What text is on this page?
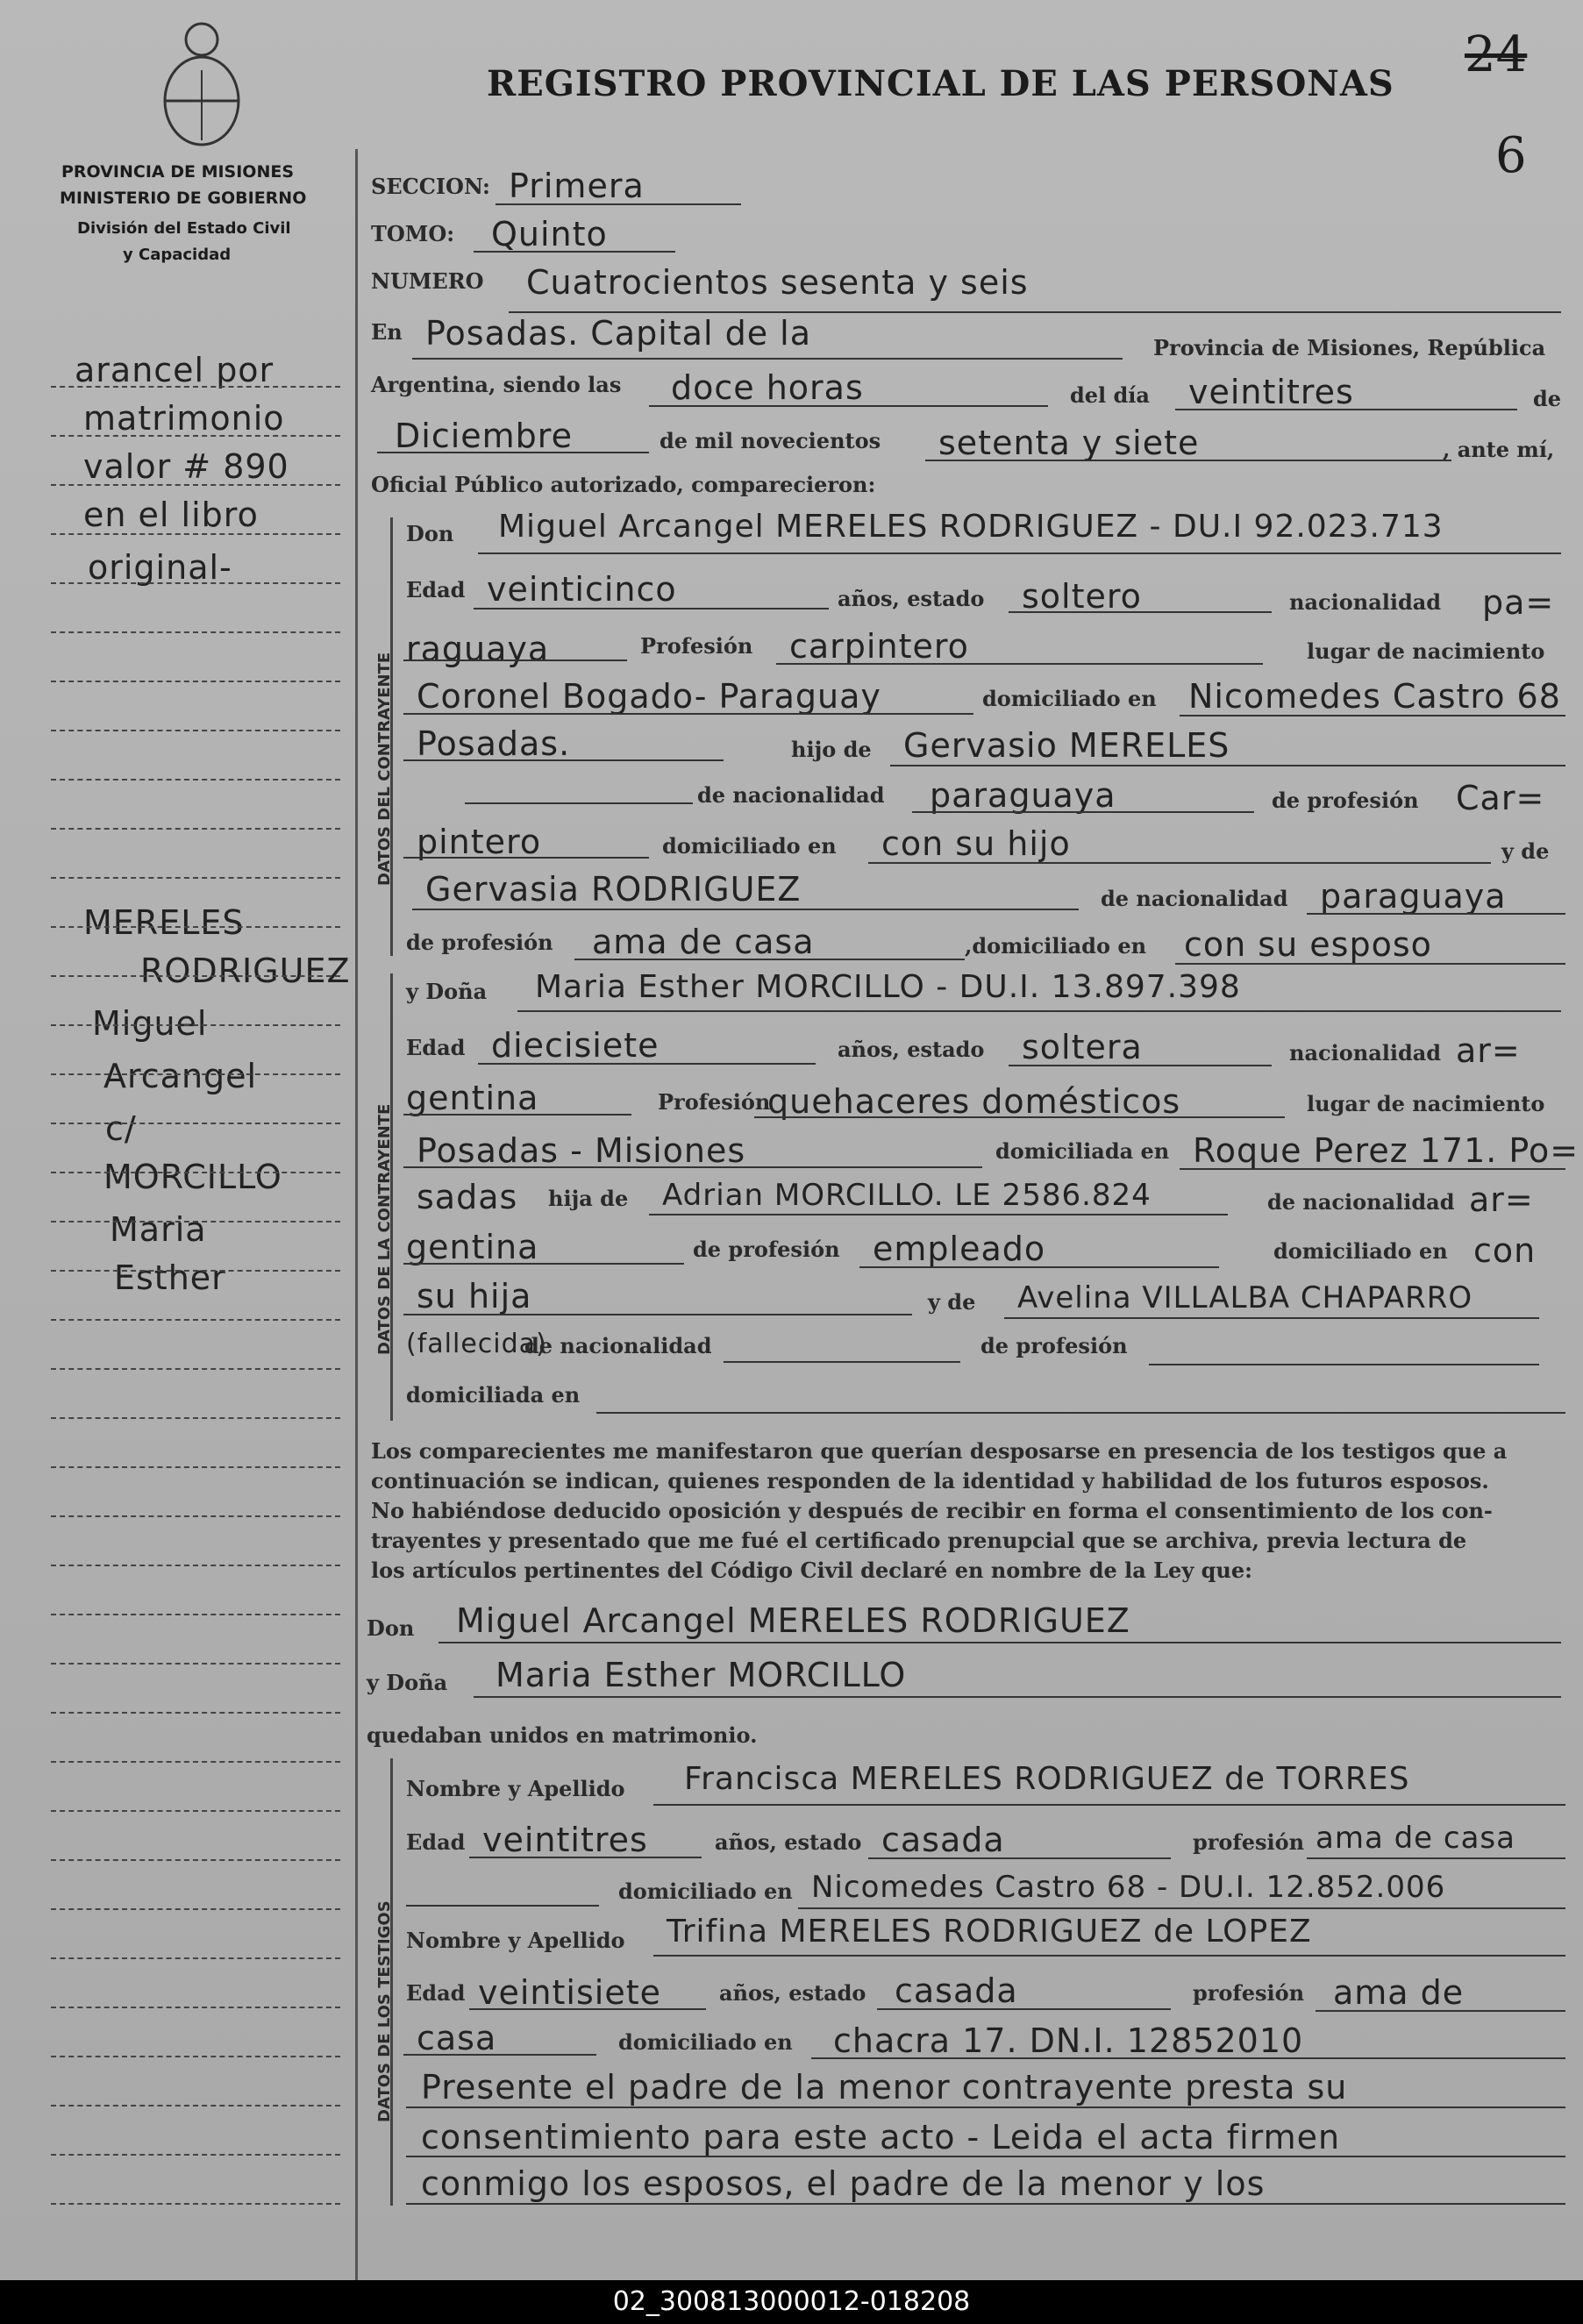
PROVINCIA DE MISIONES
MINISTERIO DE GOBIERNO
División del Estado Civil
y Capacidad
REGISTRO PROVINCIAL DE LAS PERSONAS
24
6
arancel por
matrimonio
valor # 890
en el libro
original-
MERELES
RODRIGUEZ
Miguel
Arcangel
c/
MORCILLO
Maria
Esther
SECCION: Primera
TOMO: Quinto
NUMERO Cuatrocientos sesenta y seis
En Posadas. Capital de la	Provincia de Misiones, República
Argentina, siendo las doce horas	del día veintitres	de
Diciembre	de mil novecientos setenta y siete	, ante mí,
Oficial Público autorizado, comparecieron:
DATOS DEL CONTRAYENTE
Don Miguel Arcangel MERELES RODRIGUEZ - DU.I 92.023.713
Edad veinticinco	años, estado soltero	nacionalidad pa=
raguaya	Profesión carpintero	lugar de nacimiento
Coronel Bogado- Paraguay	domiciliado en Nicomedes Castro 68
Posadas.	hijo de Gervasio MERELES
de nacionalidad paraguaya	de profesión Car=
pintero	domiciliado en con su hijo	y de
Gervasia RODRIGUEZ	de nacionalidad paraguaya
de profesión ama de casa	,domiciliado en con su esposo
DATOS DE LA CONTRAYENTE
y Doña Maria Esther MORCILLO - DU.I. 13.897.398
Edad diecisiete	años, estado soltera	nacionalidad ar=
gentina	Profesión
quehaceres domésticos	lugar de nacimiento
Posadas - Misiones	domiciliada en Roque Perez 171. Po=
sadas hija de Adrian MORCILLO. LE 2586.824	de nacionalidad ar=
gentina	de profesión empleado	domiciliado en con
su hija	y de Avelina VILLALBA CHAPARRO
(fallecida)
de nacionalidad	de profesión
domiciliada en
Los comparecientes me manifestaron que querían desposarse en presencia de los testigos que a
continuación se indican, quienes responden de la identidad y habilidad de los futuros esposos.
No habiéndose deducido oposición y después de recibir en forma el consentimiento de los con-
trayentes y presentado que me fué el certificado prenupcial que se archiva, previa lectura de
los artículos pertinentes del Código Civil declaré en nombre de la Ley que:
Don Miguel Arcangel MERELES RODRIGUEZ
y Doña Maria Esther MORCILLO
quedaban unidos en matrimonio.
DATOS DE LOS TESTIGOS
Nombre y Apellido Francisca MERELES RODRIGUEZ de TORRES
Edad veintitres	años, estado casada	profesión ama de casa
domiciliado en Nicomedes Castro 68 - DU.I. 12.852.006
Nombre y Apellido Trifina MERELES RODRIGUEZ de LOPEZ
Edad veintisiete	años, estado casada	profesión ama de
casa	domiciliado en chacra 17. DN.I. 12852010
Presente el padre de la menor contrayente presta su
consentimiento para este acto - Leida el acta firmen
conmigo los esposos, el padre de la menor y los
02_300813000012-018208
